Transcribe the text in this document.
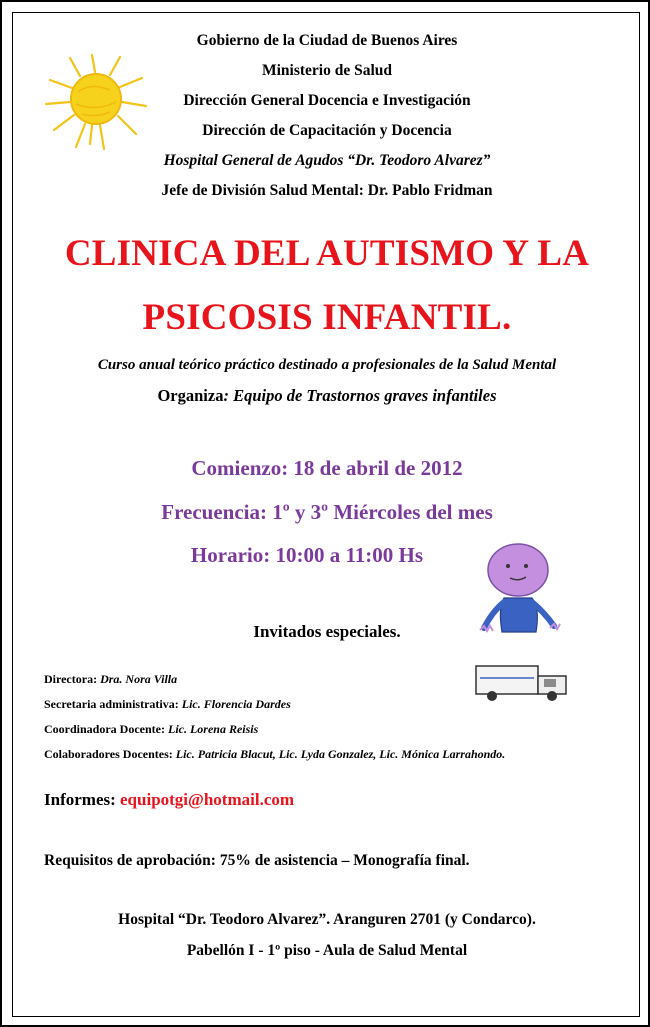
Gobierno de la Ciudad de Buenos Aires
Ministerio de Salud
Dirección General Docencia e Investigación
Dirección de Capacitación y Docencia
Hospital General de Agudos “Dr. Teodoro Alvarez”
Jefe de División Salud Mental: Dr. Pablo Fridman
CLINICA DEL AUTISMO Y LA
PSICOSIS INFANTIL.
Curso anual teórico práctico destinado a profesionales de la Salud Mental
Organiza: Equipo de Trastornos graves infantiles
Comienzo: 18 de abril de 2012
Frecuencia: 1º y 3º Miércoles del mes
Horario: 10:00 a 11:00 Hs
Invitados especiales.
Directora: Dra. Nora Villa
Secretaria administrativa: Lic. Florencia Dardes
Coordinadora Docente: Lic. Lorena Reisis
Colaboradores Docentes: Lic. Patricia Blacut, Lic. Lyda Gonzalez, Lic. Mónica Larrahondo.
Informes: equipotgi@hotmail.com
Requisitos de aprobación: 75% de asistencia – Monografía final.
Hospital “Dr. Teodoro Alvarez”. Aranguren 2701 (y Condarco).
Pabellón I - 1º piso - Aula de Salud Mental
